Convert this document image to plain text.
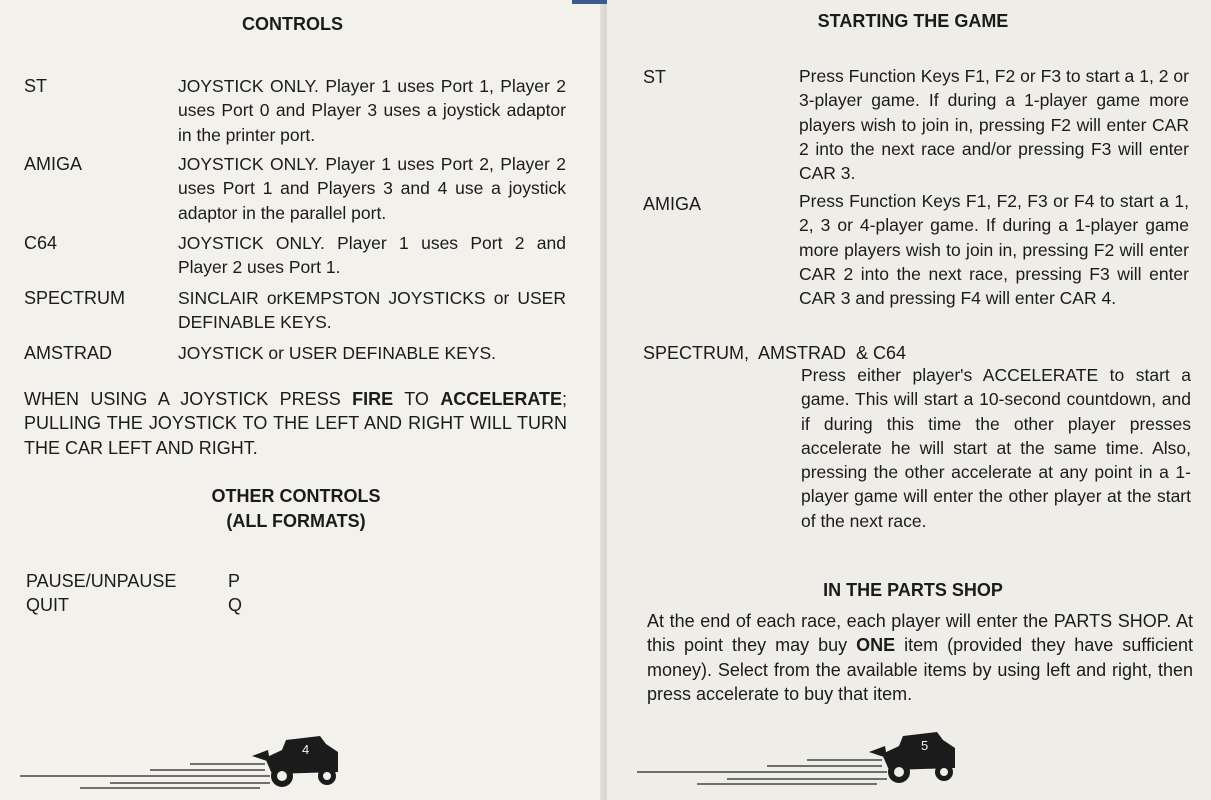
CONTROLS
ST	JOYSTICK ONLY. Player 1 uses Port 1, Player 2 uses Port 0 and Player 3 uses a joystick adaptor in the printer port.
AMIGA	JOYSTICK ONLY. Player 1 uses Port 2, Player 2 uses Port 1 and Players 3 and 4 use a joystick adaptor in the parallel port.
C64	JOYSTICK ONLY. Player 1 uses Port 2 and Player 2 uses Port 1.
SPECTRUM	SINCLAIR orKEMPSTON JOYSTICKS or USER DEFINABLE KEYS.
AMSTRAD	JOYSTICK or USER DEFINABLE KEYS.
WHEN USING A JOYSTICK PRESS FIRE TO ACCELERATE; PULLING THE JOYSTICK TO THE LEFT AND RIGHT WILL TURN THE CAR LEFT AND RIGHT.
OTHER CONTROLS
(ALL FORMATS)
PAUSE/UNPAUSE	P
QUIT	Q
4
STARTING THE GAME
ST	Press Function Keys F1, F2 or F3 to start a 1, 2 or 3-player game. If during a 1-player game more players wish to join in, pressing F2 will enter CAR 2 into the next race and/or pressing F3 will enter CAR 3.
AMIGA	Press Function Keys F1, F2, F3 or F4 to start a 1, 2, 3 or 4-player game. If during a 1-player game more players wish to join in, pressing F2 will enter CAR 2 into the next race, pressing F3 will enter CAR 3 and pressing F4 will enter CAR 4.
SPECTRUM,  AMSTRAD  & C64
Press either player's ACCELERATE to start a game. This will start a 10-second countdown, and if during this time the other player presses accelerate he will start at the same time. Also, pressing the other accelerate at any point in a 1-player game will enter the other player at the start of the next race.
IN THE PARTS SHOP
At the end of each race, each player will enter the PARTS SHOP. At this point they may buy ONE item (provided they have sufficient money). Select from the available items by using left and right, then press accelerate to buy that item.
5
